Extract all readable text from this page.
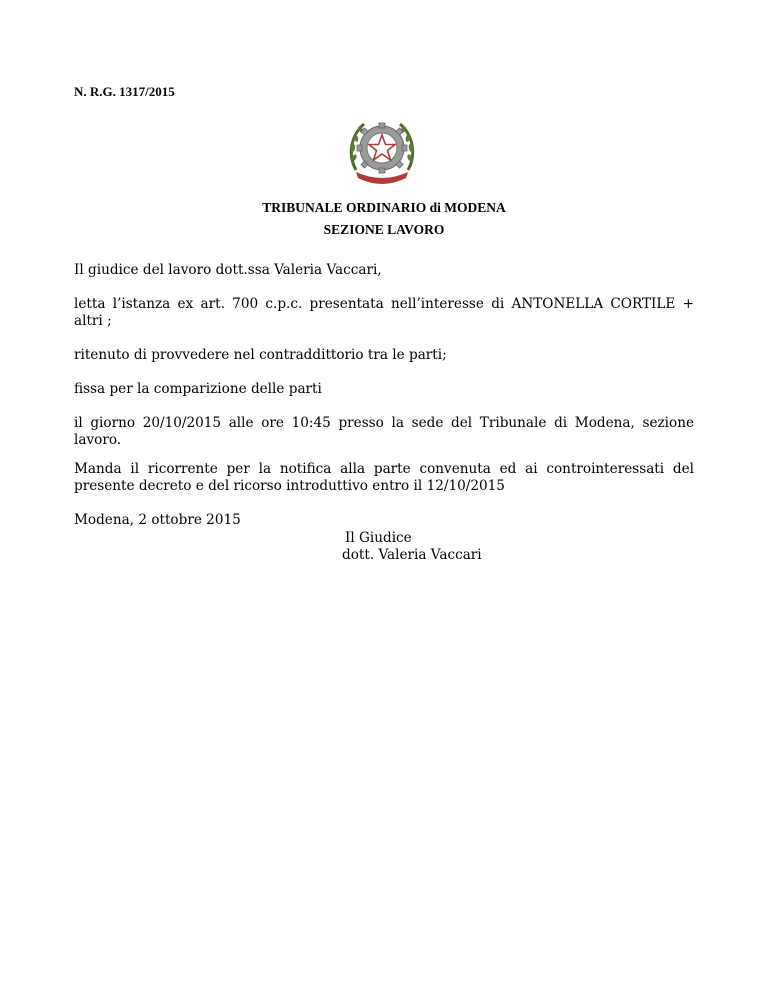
N. R.G. 1317/2015
TRIBUNALE ORDINARIO di MODENA
SEZIONE LAVORO
Il giudice del lavoro dott.ssa Valeria Vaccari,
letta l’istanza ex art. 700 c.p.c. presentata nell’interesse di ANTONELLA CORTILE + altri ;
ritenuto di provvedere nel contraddittorio tra le parti;
fissa per la comparizione delle parti
il giorno 20/10/2015 alle ore 10:45 presso la sede del Tribunale di Modena, sezione lavoro.
Manda il ricorrente per la notifica alla parte convenuta ed ai controinteressati del presente decreto e del ricorso introduttivo entro il 12/10/2015
Modena, 2 ottobre 2015
Il Giudice
dott. Valeria Vaccari
